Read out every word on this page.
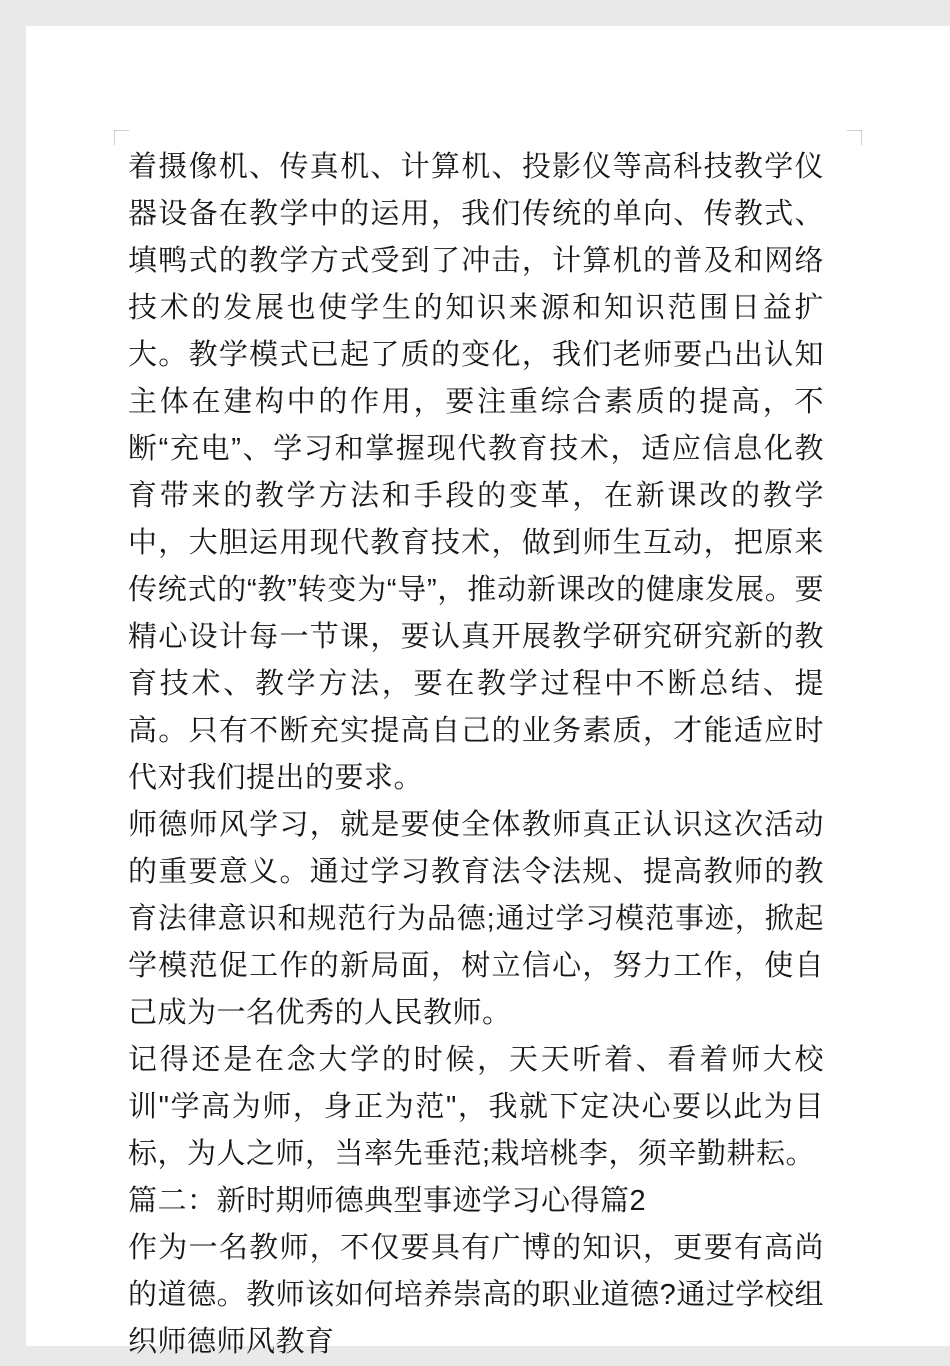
着摄像机、传真机、计算机、投影仪等高科技教学仪器设备在教学中的运用，我们传统的单向、传教式、填鸭式的教学方式受到了冲击，计算机的普及和网络技术的发展也使学生的知识来源和知识范围日益扩大。教学模式已起了质的变化，我们老师要凸出认知主体在建构中的作用，要注重综合素质的提高，不断“充电”、学习和掌握现代教育技术，适应信息化教育带来的教学方法和手段的变革，在新课改的教学中，大胆运用现代教育技术，做到师生互动，把原来传统式的“教”转变为“导”，推动新课改的健康发展。要精心设计每一节课，要认真开展教学研究研究新的教育技术、教学方法，要在教学过程中不断总结、提高。只有不断充实提高自己的业务素质，才能适应时代对我们提出的要求。

师德师风学习，就是要使全体教师真正认识这次活动的重要意义。通过学习教育法令法规、提高教师的教育法律意识和规范行为品德;通过学习模范事迹，掀起学模范促工作的新局面，树立信心，努力工作，使自己成为一名优秀的人民教师。

记得还是在念大学的时候，天天听着、看着师大校训"学高为师，身正为范"，我就下定决心要以此为目标，为人之师，当率先垂范;栽培桃李，须辛勤耕耘。

篇二：新时期师德典型事迹学习心得篇2

作为一名教师，不仅要具有广博的知识，更要有高尚的道德。教师该如何培养崇高的职业道德?通过学校组织师德师风教育
